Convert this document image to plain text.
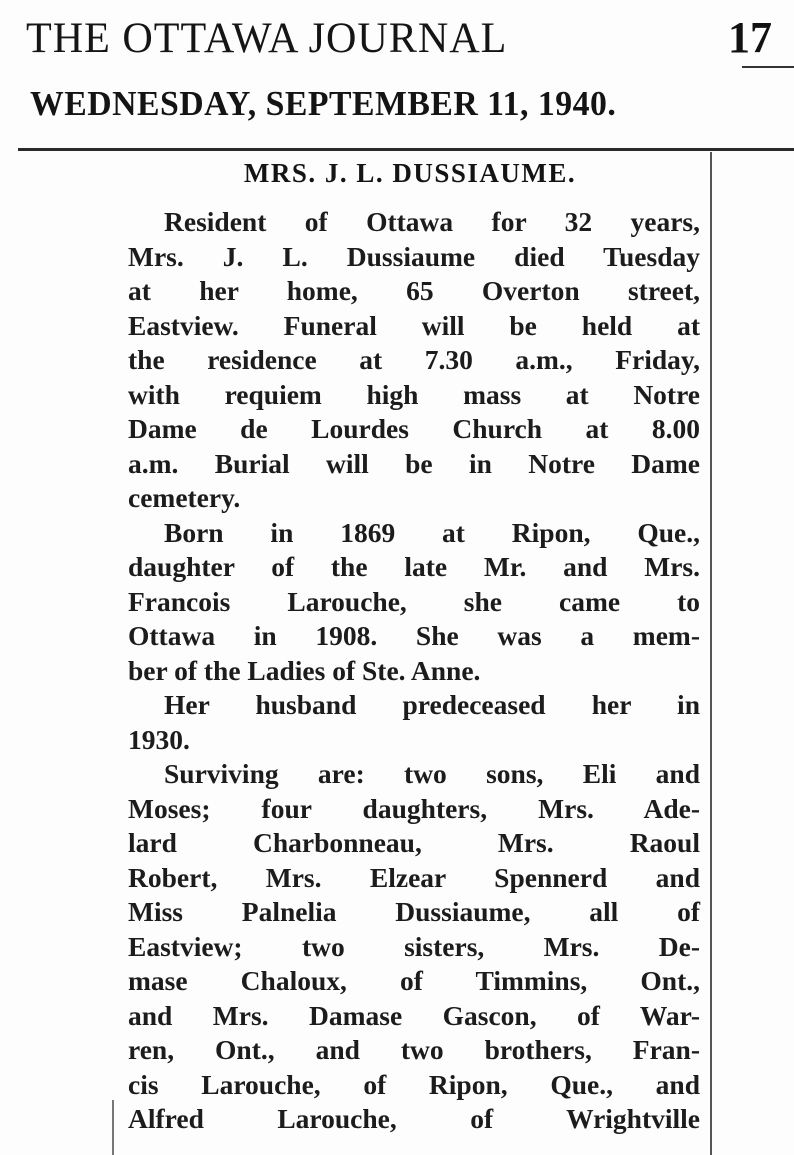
THE OTTAWA JOURNAL	17
WEDNESDAY, SEPTEMBER 11, 1940.
MRS. J. L. DUSSIAUME.
Resident of Ottawa for 32 years,
Mrs. J. L. Dussiaume died Tuesday
at her home, 65 Overton street,
Eastview. Funeral will be held at
the residence at 7.30 a.m., Friday,
with requiem high mass at Notre
Dame de Lourdes Church at 8.00
a.m. Burial will be in Notre Dame
cemetery.
Born in 1869 at Ripon, Que.,
daughter of the late Mr. and Mrs.
Francois Larouche, she came to
Ottawa in 1908. She was a mem-
ber of the Ladies of Ste. Anne.
Her husband predeceased her in
1930.
Surviving are: two sons, Eli and
Moses; four daughters, Mrs. Ade-
lard Charbonneau, Mrs. Raoul
Robert, Mrs. Elzear Spennerd and
Miss Palnelia Dussiaume, all of
Eastview; two sisters, Mrs. De-
mase Chaloux, of Timmins, Ont.,
and Mrs. Damase Gascon, of War-
ren, Ont., and two brothers, Fran-
cis Larouche, of Ripon, Que., and
Alfred Larouche, of Wrightville
